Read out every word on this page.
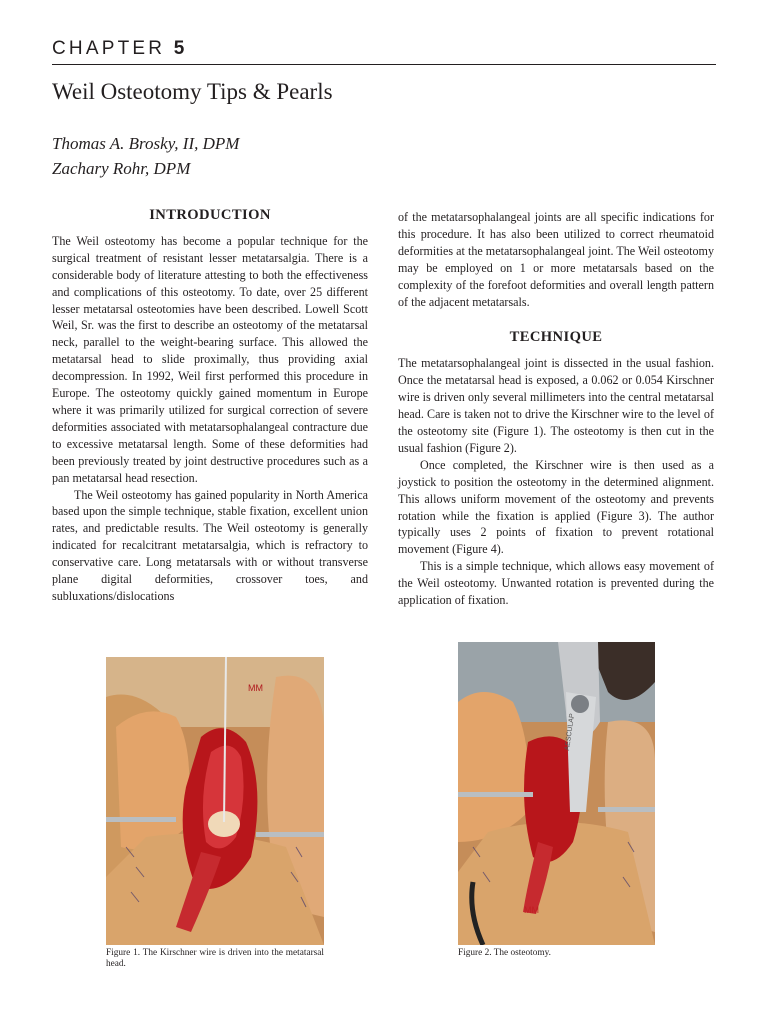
CHAPTER 5
Weil Osteotomy Tips & Pearls
Thomas A. Brosky, II, DPM
Zachary Rohr, DPM
INTRODUCTION

The Weil osteotomy has become a popular technique for the surgical treatment of resistant lesser metatarsalgia. There is a considerable body of literature attesting to both the effectiveness and complications of this osteotomy. To date, over 25 different lesser metatarsal osteotomies have been described. Lowell Scott Weil, Sr. was the first to describe an osteotomy of the metatarsal neck, parallel to the weight-bearing surface. This allowed the metatarsal head to slide proximally, thus providing axial decompression. In 1992, Weil first performed this procedure in Europe. The osteotomy quickly gained momentum in Europe where it was primarily utilized for surgical correction of severe deformities associated with metatarsophalangeal contracture due to excessive metatarsal length. Some of these deformities had been previously treated by joint destructive procedures such as a pan metatarsal head resection.

The Weil osteotomy has gained popularity in North America based upon the simple technique, stable fixation, excellent union rates, and predictable results. The Weil osteotomy is generally indicated for recalcitrant metatarsalgia, which is refractory to conservative care. Long metatarsals with or without transverse plane digital deformities, crossover toes, and subluxations/dislocations

of the metatarsophalangeal joints are all specific indications for this procedure. It has also been utilized to correct rheumatoid deformities at the metatarsophalangeal joint. The Weil osteotomy may be employed on 1 or more metatarsals based on the complexity of the forefoot deformities and overall length pattern of the adjacent metatarsals.

TECHNIQUE

The metatarsophalangeal joint is dissected in the usual fashion. Once the metatarsal head is exposed, a 0.062 or 0.054 Kirschner wire is driven only several millimeters into the central metatarsal head. Care is taken not to drive the Kirschner wire to the level of the osteotomy site (Figure 1). The osteotomy is then cut in the usual fashion (Figure 2).

Once completed, the Kirschner wire is then used as a joystick to position the osteotomy in the determined alignment. This allows uniform movement of the osteotomy and prevents rotation while the fixation is applied (Figure 3). The author typically uses 2 points of fixation to prevent rotational movement (Figure 4).

This is a simple technique, which allows easy movement of the Weil osteotomy. Unwanted rotation is prevented during the application of fixation.

MM
Figure 1. The Kirschner wire is driven into the metatarsal head.
AESCULAP
MM
Figure 2. The osteotomy.
